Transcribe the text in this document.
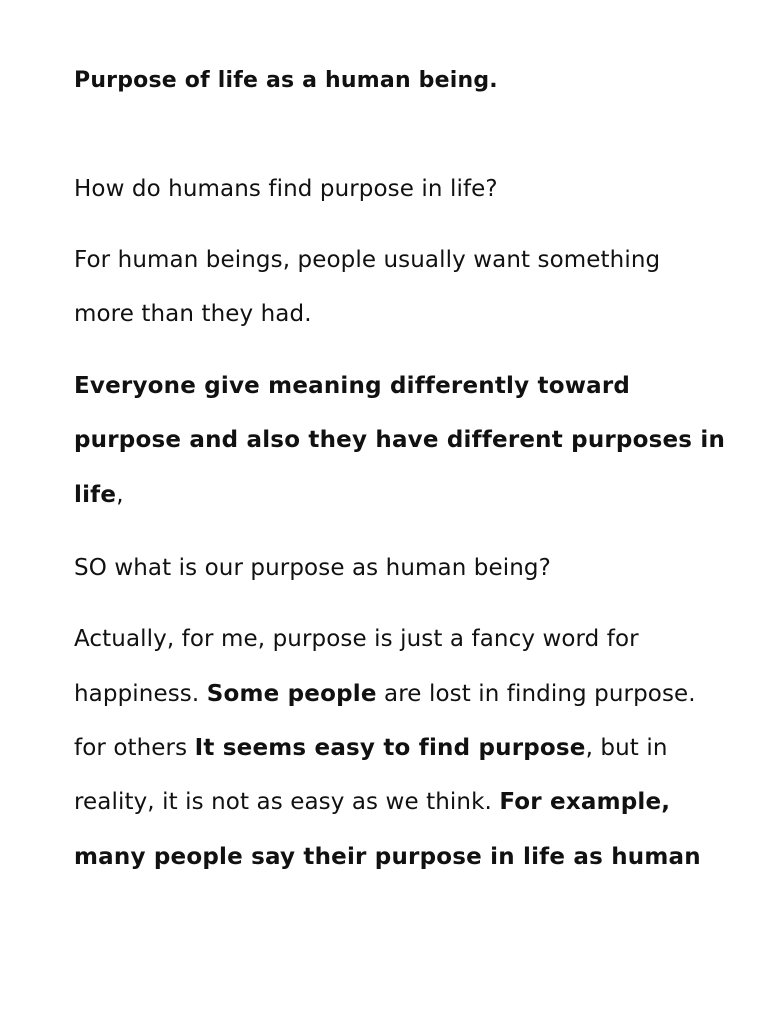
Purpose of life as a human being.
How do humans find purpose in life?
For human beings, people usually want something
more than they had.
Everyone give meaning differently toward
purpose and also they have different purposes in
life,
SO what is our purpose as human being?
Actually, for me, purpose is just a fancy word for
happiness. Some people are lost in finding purpose.
for others It seems easy to find purpose, but in
reality, it is not as easy as we think. For example,
many people say their purpose in life as human
